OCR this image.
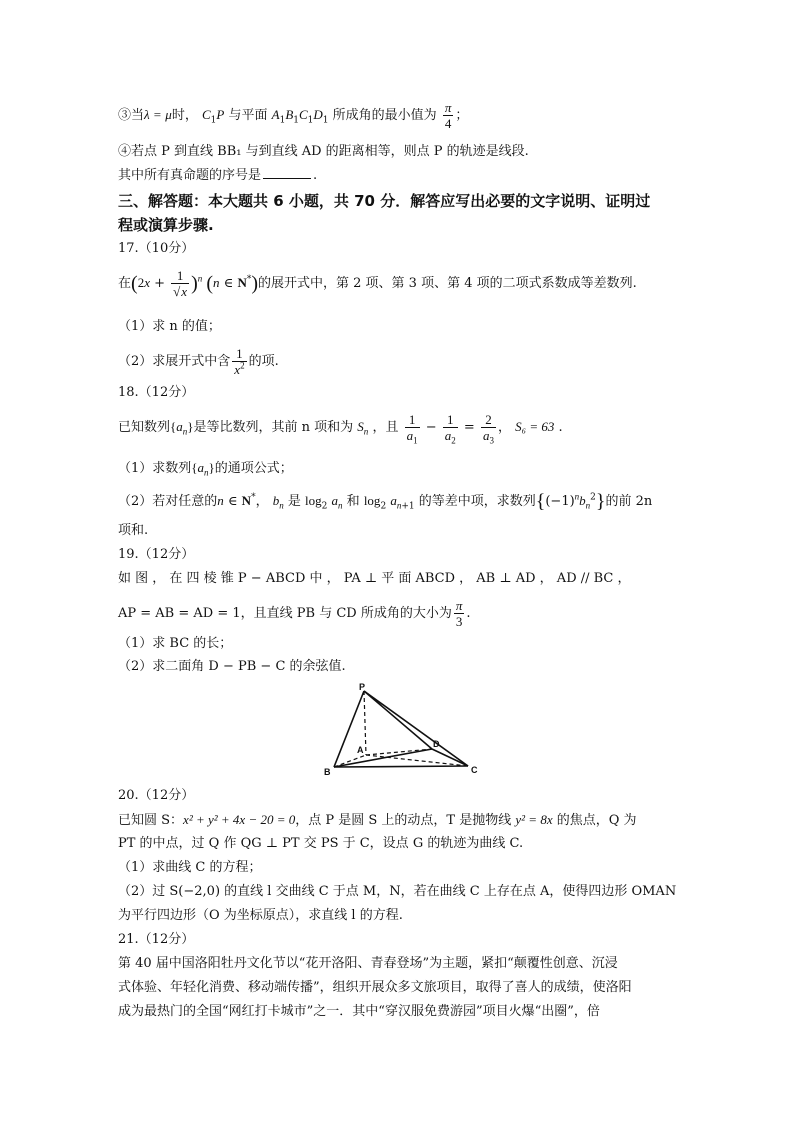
③当λ = μ时， $C_1P$ 与平面 $A_1B_1C_1D_1$ 所成角的最小值为 $\frac{\pi}{4}$ ；
④若点 P 到直线 BB₁ 与到直线 AD 的距离相等，则点 P 的轨迹是线段.
其中所有真命题的序号是	.
三、解答题：本大题共 6 小题，共 70 分．解答应写出必要的文字说明、证明过
程或演算步骤.
17.（10分）
在$(2x + \frac{1}{√x} )^n$ (n ∈ N*)的展开式中，第 2 项、第 3 项、第 4 项的二项式系数成等差数列.
（1）求 n 的值；
（2）求展开式中含 $\frac{1}{x^2}$ 的项.
18.（12分）
已知数列$\{a_n\}$是等比数列，其前 n 项和为 $S_n$ ，且 $\frac{1}{a_1} - \frac{1}{a_2} = \frac{2}{a_3}$ ， S₆ = 63 .
（1）求数列$\{a_n\}$的通项公式；
（2）若对任意的n ∈ N*， $b_n$ 是 $\log_2 a_n$ 和 $\log_2 a_{n+1}$ 的等差中项，求数列$\{(-1)^nb_n^2\}$的前 2n
项和.
19.（12分）
如 图 ， 在 四 棱 锥 P − ABCD 中 ， PA ⊥ 平 面 ABCD ， AB ⊥ AD ， AD // BC ，
AP = AB = AD = 1，且直线 PB 与 CD 所成角的大小为 $\frac{\pi}{3}$ .
（1）求 BC 的长；
（2）求二面角 D − PB − C 的余弦值.
P
A
B	C
D
20.（12分）
已知圆 S：x² + y² + 4x − 20 = 0，点 P 是圆 S 上的动点，T 是抛物线 y² = 8x 的焦点，Q 为
PT 的中点，过 Q 作 QG ⊥ PT 交 PS 于 C，设点 G 的轨迹为曲线 C.
（1）求曲线 C 的方程；
（2）过 S(−2,0) 的直线 l 交曲线 C 于点 M，N，若在曲线 C 上存在点 A，使得四边形 OMAN
为平行四边形（O 为坐标原点），求直线 l 的方程.
21.（12分）
第 40 届中国洛阳牡丹文化节以“花开洛阳、青春登场”为主题，紧扣“颠覆性创意、沉浸
式体验、年轻化消费、移动端传播”，组织开展众多文旅项目，取得了喜人的成绩，使洛阳
成为最热门的全国“网红打卡城市”之一．其中“穿汉服免费游园”项目火爆“出圈”，倍
